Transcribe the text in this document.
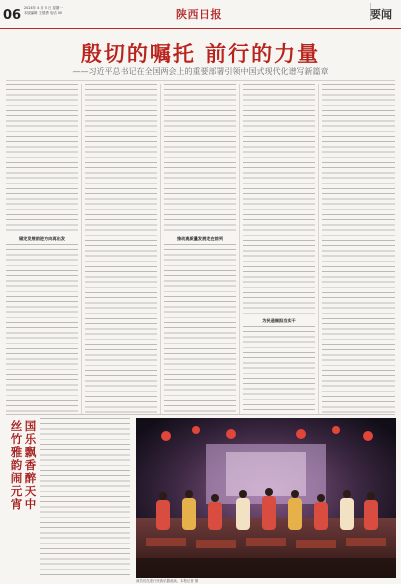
06 2024年 4 月 5 日 星期一
本版编辑 王德勇 电话 00	陕西日报	要闻
殷切的嘱托 前行的力量
——习近平总书记在全国两会上的重要部署引领中国式现代化谱写新篇章
锚定发展前进方向再出发	推动高质量发展走在前列
为民造福担当实干
国乐飘香醉天中
丝竹雅韵闹元宵
演员们在进行民族乐器表演。本报记者 摄
